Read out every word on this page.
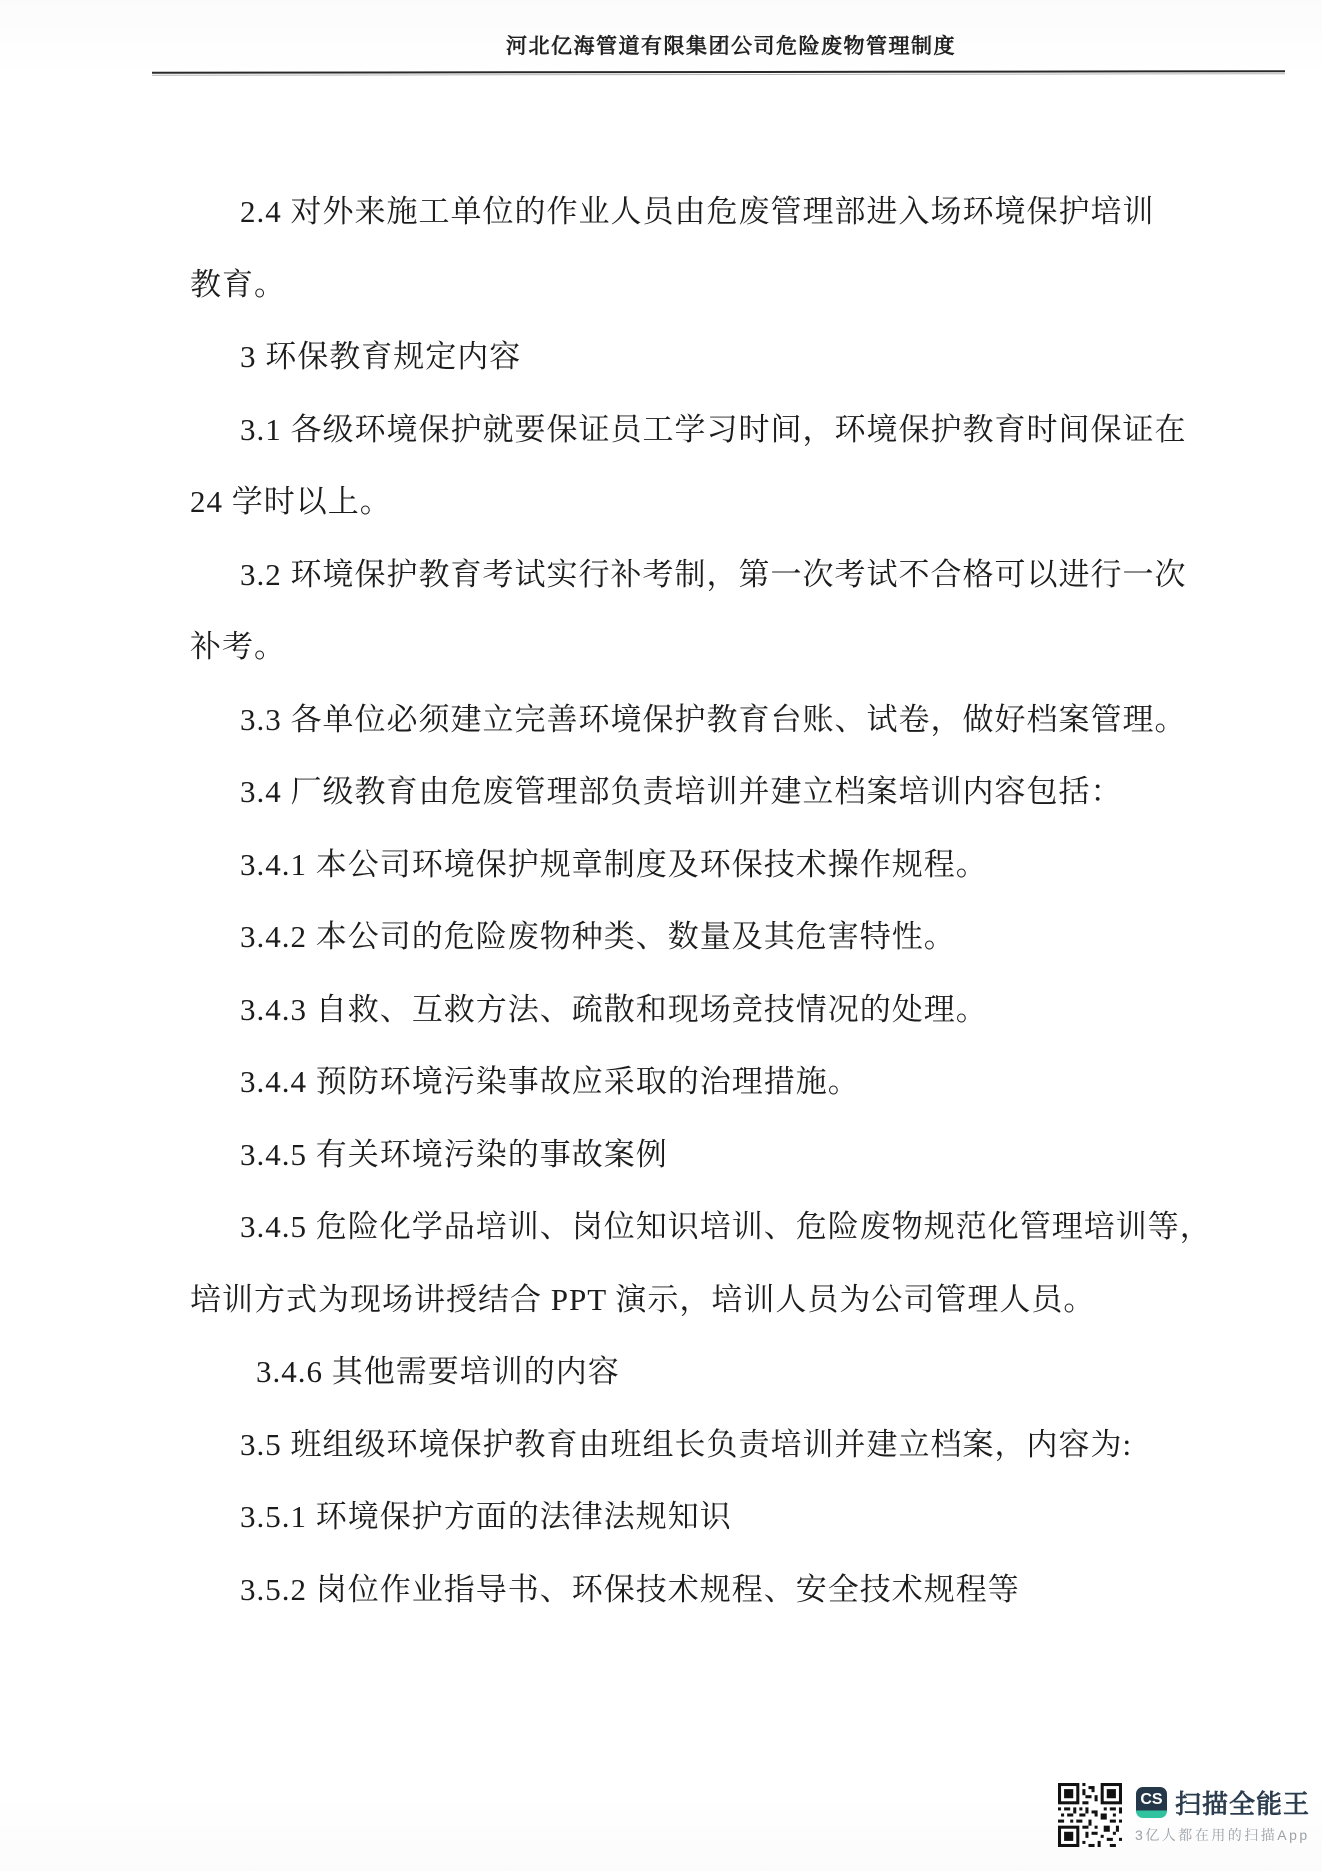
河北亿海管道有限集团公司危险废物管理制度
2.4 对外来施工单位的作业人员由危废管理部进入场环境保护培训
教育。
3 环保教育规定内容
3.1 各级环境保护就要保证员工学习时间，环境保护教育时间保证在
24 学时以上。
3.2 环境保护教育考试实行补考制，第一次考试不合格可以进行一次
补考。
3.3 各单位必须建立完善环境保护教育台账、试卷，做好档案管理。
3.4 厂级教育由危废管理部负责培训并建立档案培训内容包括：
3.4.1 本公司环境保护规章制度及环保技术操作规程。
3.4.2 本公司的危险废物种类、数量及其危害特性。
3.4.3 自救、互救方法、疏散和现场竞技情况的处理。
3.4.4 预防环境污染事故应采取的治理措施。
3.4.5 有关环境污染的事故案例
3.4.5 危险化学品培训、岗位知识培训、危险废物规范化管理培训等，
培训方式为现场讲授结合 PPT 演示，培训人员为公司管理人员。
3.4.6 其他需要培训的内容
3.5 班组级环境保护教育由班组长负责培训并建立档案，内容为:
3.5.1 环境保护方面的法律法规知识
3.5.2 岗位作业指导书、环保技术规程、安全技术规程等
CS 扫描全能王
3亿人都在用的扫描App
